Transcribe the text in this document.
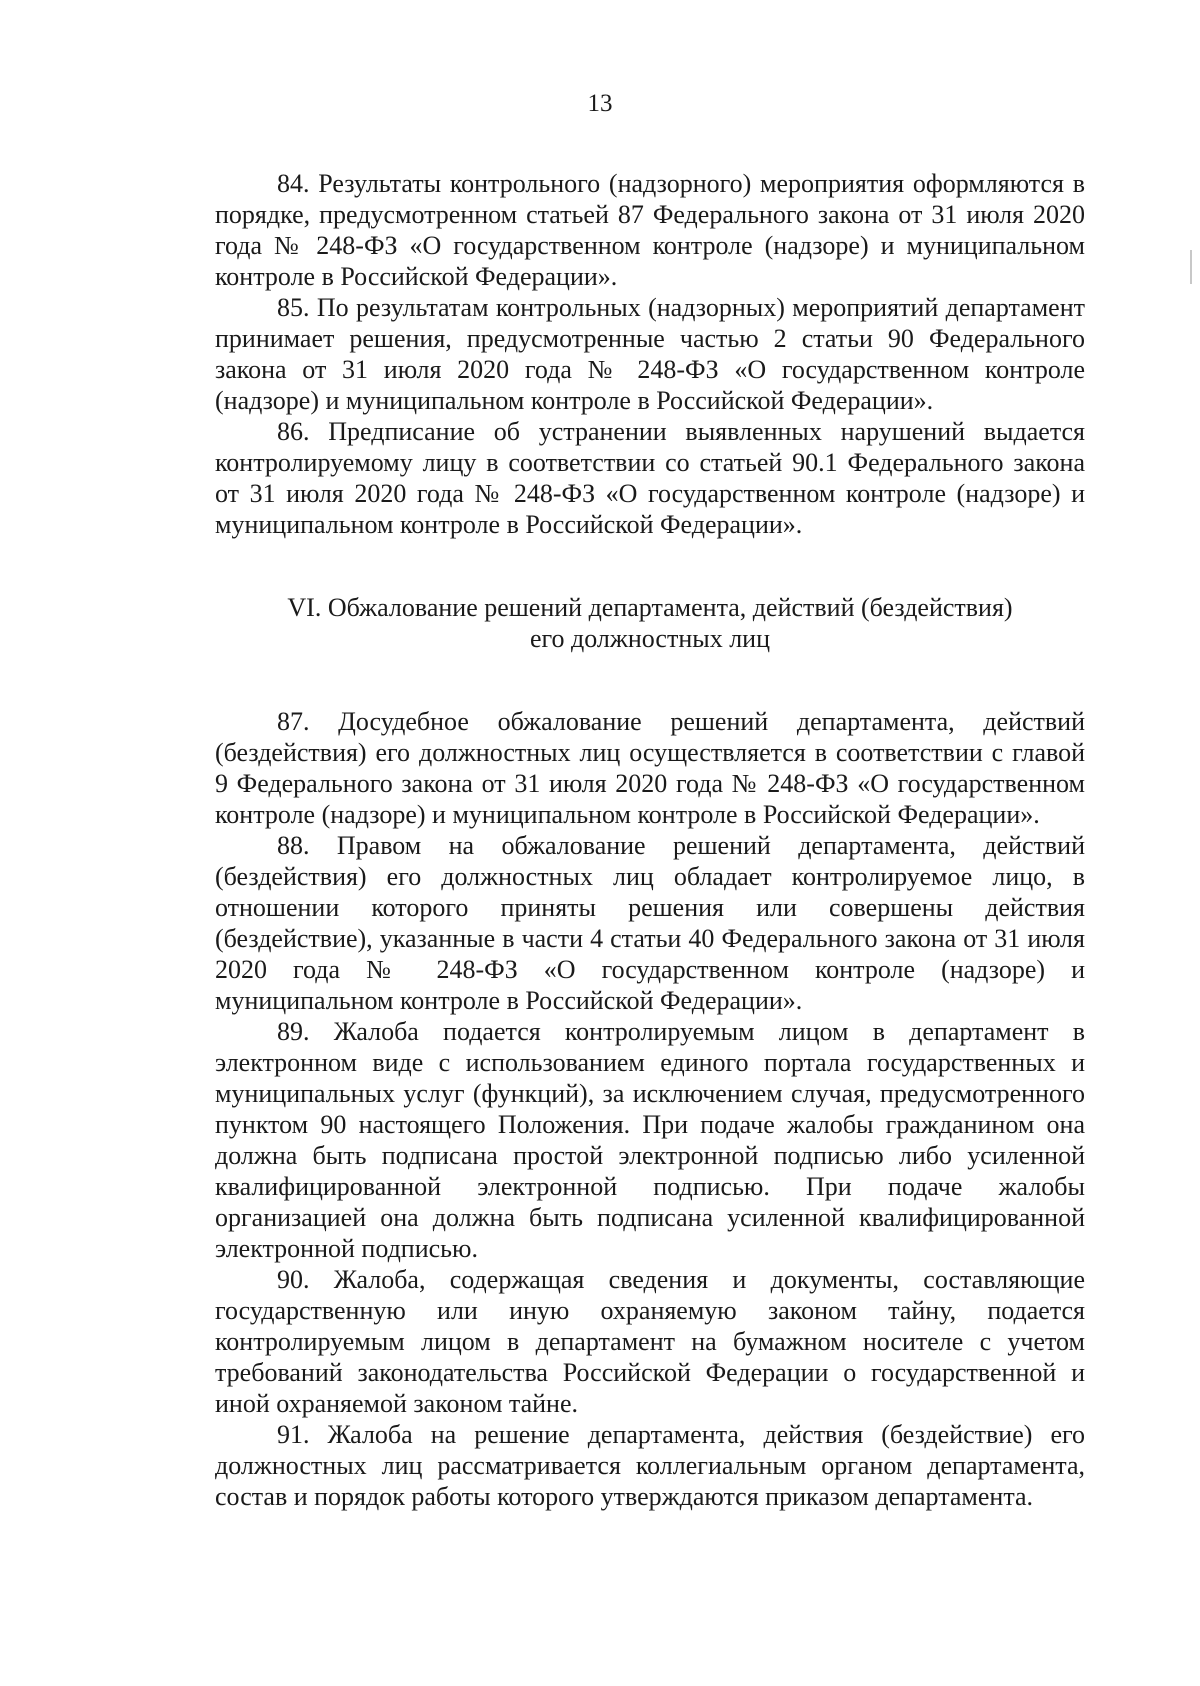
13

84. Результаты контрольного (надзорного) мероприятия оформляются в порядке, предусмотренном статьей 87 Федерального закона от 31 июля 2020 года № 248-ФЗ «О государственном контроле (надзоре) и муниципальном контроле в Российской Федерации».

85. По результатам контрольных (надзорных) мероприятий департамент принимает решения, предусмотренные частью 2 статьи 90 Федерального закона от 31 июля 2020 года № 248-ФЗ «О государственном контроле (надзоре) и муниципальном контроле в Российской Федерации».

86. Предписание об устранении выявленных нарушений выдается контролируемому лицу в соответствии со статьей 90.1 Федерального закона от 31 июля 2020 года № 248-ФЗ «О государственном контроле (надзоре) и муниципальном контроле в Российской Федерации».

VI. Обжалование решений департамента, действий (бездействия)
его должностных лиц

87. Досудебное обжалование решений департамента, действий (бездействия) его должностных лиц осуществляется в соответствии с главой 9 Федерального закона от 31 июля 2020 года № 248-ФЗ «О государственном контроле (надзоре) и муниципальном контроле в Российской Федерации».

88. Правом на обжалование решений департамента, действий (бездействия) его должностных лиц обладает контролируемое лицо, в отношении которого приняты решения или совершены действия (бездействие), указанные в части 4 статьи 40 Федерального закона от 31 июля 2020 года № 248-ФЗ «О государственном контроле (надзоре) и муниципальном контроле в Российской Федерации».

89. Жалоба подается контролируемым лицом в департамент в электронном виде с использованием единого портала государственных и муниципальных услуг (функций), за исключением случая, предусмотренного пунктом 90 настоящего Положения. При подаче жалобы гражданином она должна быть подписана простой электронной подписью либо усиленной квалифицированной электронной подписью. При подаче жалобы организацией она должна быть подписана усиленной квалифицированной электронной подписью.

90. Жалоба, содержащая сведения и документы, составляющие государственную или иную охраняемую законом тайну, подается контролируемым лицом в департамент на бумажном носителе с учетом требований законодательства Российской Федерации о государственной и иной охраняемой законом тайне.

91. Жалоба на решение департамента, действия (бездействие) его должностных лиц рассматривается коллегиальным органом департамента, состав и порядок работы которого утверждаются приказом департамента.
